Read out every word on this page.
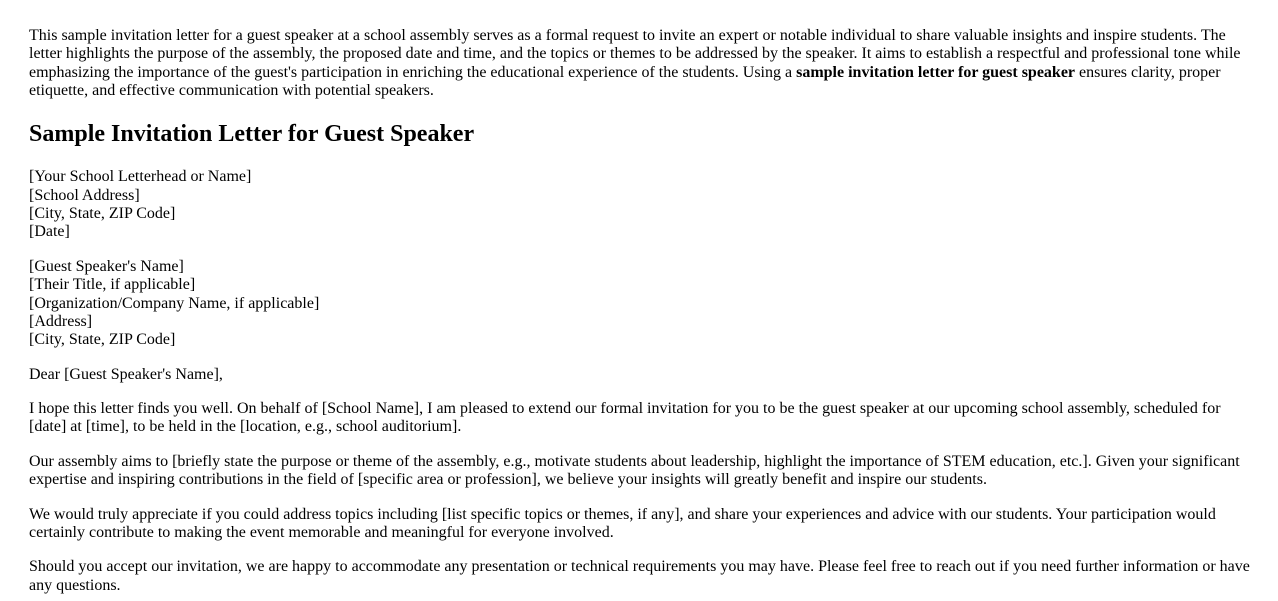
This sample invitation letter for a guest speaker at a school assembly serves as a formal request to invite an expert or notable individual to share valuable insights and inspire students. The letter highlights the purpose of the assembly, the proposed date and time, and the topics or themes to be addressed by the speaker. It aims to establish a respectful and professional tone while emphasizing the importance of the guest's participation in enriching the educational experience of the students. Using a sample invitation letter for guest speaker ensures clarity, proper etiquette, and effective communication with potential speakers.

Sample Invitation Letter for Guest Speaker

[Your School Letterhead or Name]
[School Address]
[City, State, ZIP Code]
[Date]

[Guest Speaker's Name]
[Their Title, if applicable]
[Organization/Company Name, if applicable]
[Address]
[City, State, ZIP Code]

Dear [Guest Speaker's Name],

I hope this letter finds you well. On behalf of [School Name], I am pleased to extend our formal invitation for you to be the guest speaker at our upcoming school assembly, scheduled for [date] at [time], to be held in the [location, e.g., school auditorium].

Our assembly aims to [briefly state the purpose or theme of the assembly, e.g., motivate students about leadership, highlight the importance of STEM education, etc.]. Given your significant expertise and inspiring contributions in the field of [specific area or profession], we believe your insights will greatly benefit and inspire our students.

We would truly appreciate if you could address topics including [list specific topics or themes, if any], and share your experiences and advice with our students. Your participation would certainly contribute to making the event memorable and meaningful for everyone involved.

Should you accept our invitation, we are happy to accommodate any presentation or technical requirements you may have. Please feel free to reach out if you need further information or have any questions.
